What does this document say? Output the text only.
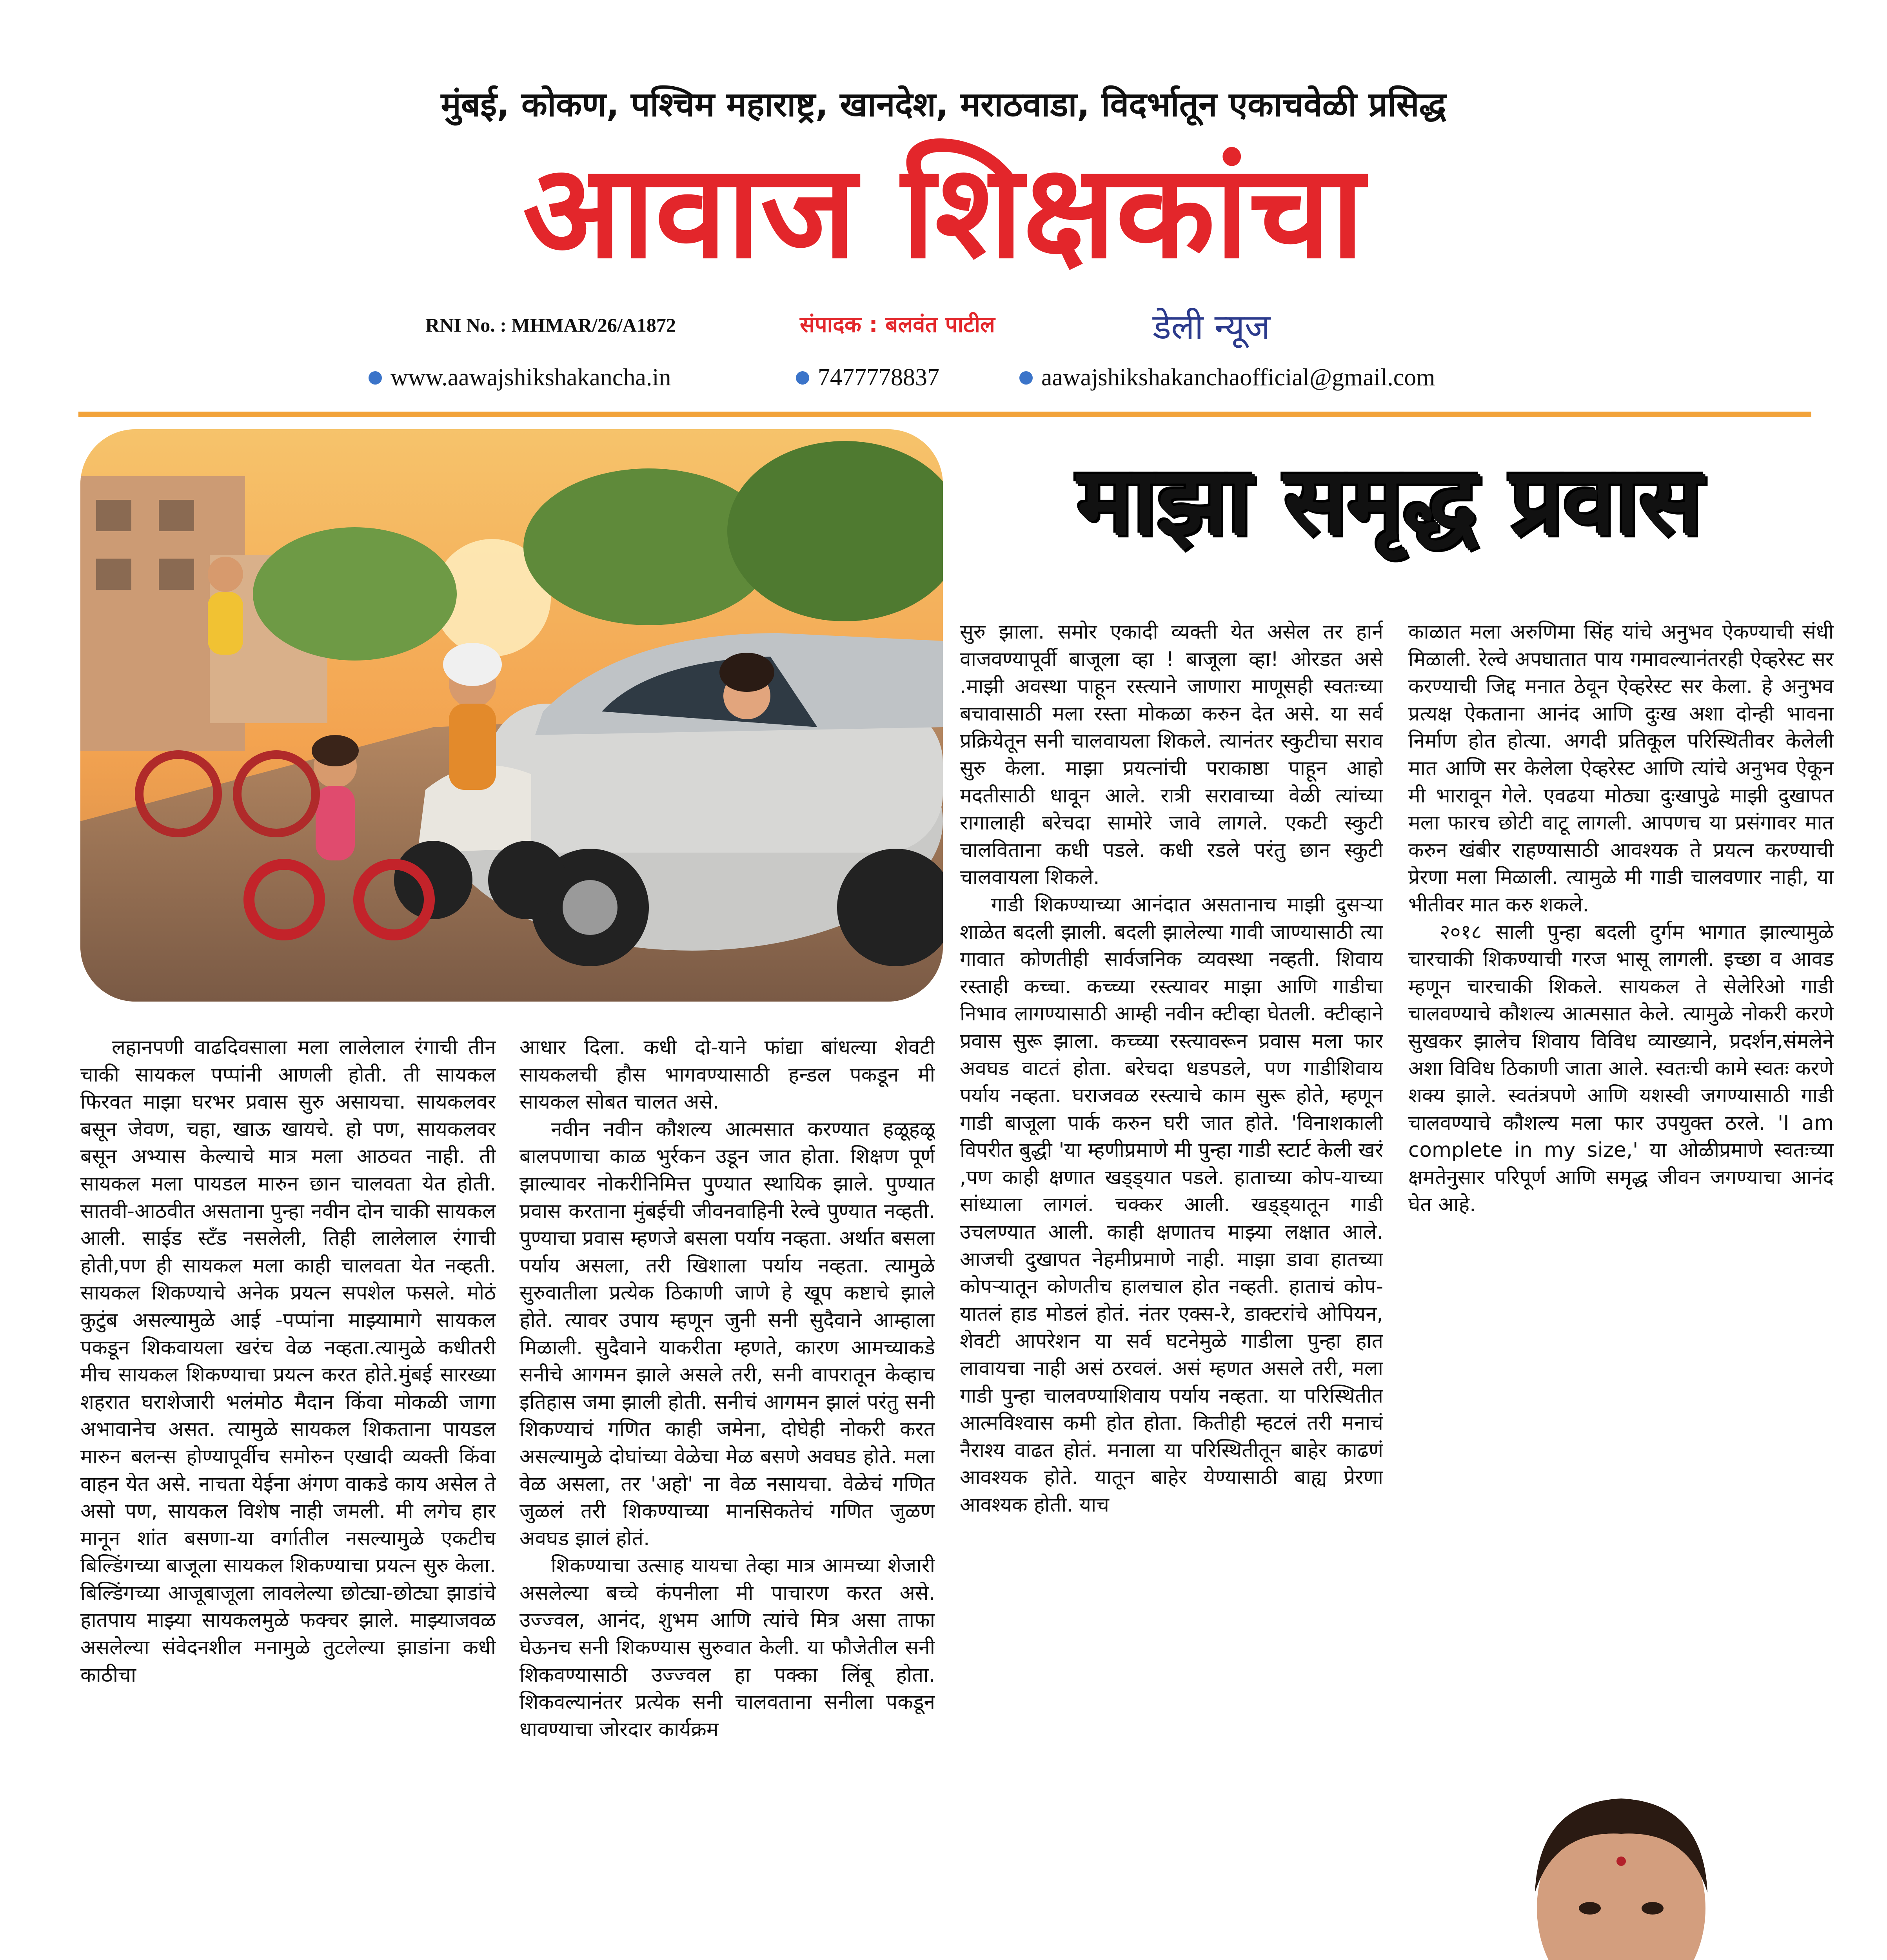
मुंबई, कोकण, पश्चिम महाराष्ट्र, खानदेश, मराठवाडा, विदर्भातून एकाचवेळी प्रसिद्ध
आवाज शिक्षकांचा
RNI No. : MHMAR/26/A1872	संपादक : बलवंत पाटील	डेली न्यूज
www.aawajshikshakancha.in	7477778837	aawajshikshakanchaofficial@gmail.com
माझा समृद्ध प्रवास

लहानपणी वाढदिवसाला मला लालेलाल रंगाची तीन चाकी सायकल पप्पांनी आणली होती. ती सायकल फिरवत माझा घरभर प्रवास सुरु असायचा. सायकलवर बसून जेवण, चहा, खाऊ खायचे. हो पण, सायकलवर बसून अभ्यास केल्याचे मात्र मला आठवत नाही. ती सायकल मला पायडल मारुन छान चालवता येत होती. सातवी-आठवीत असताना पुन्हा नवीन दोन चाकी सायकल आली. साईड स्टँड नसलेली, तिही लालेलाल रंगाची होती,पण ही सायकल मला काही चालवता येत नव्हती. सायकल शिकण्याचे अनेक प्रयत्न सपशेल फसले. मोठं कुटुंब असल्यामुळे आई -पप्पांना माझ्यामागे सायकल पकडून शिकवायला खरंच वेळ नव्हता.त्यामुळे कधीतरी मीच सायकल शिकण्याचा प्रयत्न करत होते.मुंबई सारख्या शहरात घराशेजारी भलंमोठ मैदान किंवा मोकळी जागा अभावानेच असत. त्यामुळे सायकल शिकताना पायडल मारुन बलन्स होण्यापूर्वीच समोरुन एखादी व्यक्ती किंवा वाहन येत असे. नाचता येईना अंगण वाकडे काय असेल ते असो पण, सायकल विशेष नाही जमली. मी लगेच हार मानून शांत बसणा-या वर्गातील नसल्यामुळे एकटीच बिल्डिंगच्या बाजूला सायकल शिकण्याचा प्रयत्न सुरु केला. बिल्डिंगच्या आजूबाजूला लावलेल्या छोट्या-छोट्या झाडांचे हातपाय माझ्या सायकलमुळे फक्चर झाले. माझ्याजवळ असलेल्या संवेदनशील मनामुळे तुटलेल्या झाडांना कधी काठीचा

आधार दिला. कधी दो-याने फांद्या बांधल्या शेवटी सायकलची हौस भागवण्यासाठी हन्डल पकडून मी सायकल सोबत चालत असे.

नवीन नवीन कौशल्य आत्मसात करण्यात हळूहळू बालपणाचा काळ भुर्रकन उडून जात होता. शिक्षण पूर्ण झाल्यावर नोकरीनिमित्त पुण्यात स्थायिक झाले. पुण्यात प्रवास करताना मुंबईची जीवनवाहिनी रेल्वे पुण्यात नव्हती. पुण्याचा प्रवास म्हणजे बसला पर्याय नव्हता. अर्थात बसला पर्याय असला, तरी खिशाला पर्याय नव्हता. त्यामुळे सुरुवातीला प्रत्येक ठिकाणी जाणे हे खूप कष्टाचे झाले होते. त्यावर उपाय म्हणून जुनी सनी सुदैवाने आम्हाला मिळाली. सुदैवाने याकरीता म्हणते, कारण आमच्याकडे सनीचे आगमन झाले असले तरी, सनी वापरातून केव्हाच इतिहास जमा झाली होती. सनीचं आगमन झालं परंतु सनी शिकण्याचं गणित काही जमेना, दोघेही नोकरी करत असल्यामुळे दोघांच्या वेळेचा मेळ बसणे अवघड होते. मला वेळ असला, तर 'अहो' ना वेळ नसायचा. वेळेचं गणित जुळलं तरी शिकण्याच्या मानसिकतेचं गणित जुळण अवघड झालं होतं.

शिकण्याचा उत्साह यायचा तेव्हा मात्र आमच्या शेजारी असलेल्या बच्चे कंपनीला मी पाचारण करत असे. उज्ज्वल, आनंद, शुभम आणि त्यांचे मित्र असा ताफा घेऊनच सनी शिकण्यास सुरुवात केली. या फौजेतील सनी शिकवण्यासाठी उज्ज्वल हा पक्का लिंबू होता. शिकवल्यानंतर प्रत्येक सनी चालवताना सनीला पकडून धावण्याचा जोरदार कार्यक्रम

सुरु झाला. समोर एकादी व्यक्ती येत असेल तर हार्न वाजवण्यापूर्वी बाजूला व्हा ! बाजूला व्हा! ओरडत असे .माझी अवस्था पाहून रस्त्याने जाणारा माणूसही स्वतःच्या बचावासाठी मला रस्ता मोकळा करुन देत असे. या सर्व प्रक्रियेतून सनी चालवायला शिकले. त्यानंतर स्कुटीचा सराव सुरु केला. माझा प्रयत्नांची पराकाष्ठा पाहून आहो मदतीसाठी धावून आले. रात्री सरावाच्या वेळी त्यांच्या रागालाही बरेचदा सामोरे जावे लागले. एकटी स्कुटी चालविताना कधी पडले. कधी रडले परंतु छान स्कुटी चालवायला शिकले.

गाडी शिकण्याच्या आनंदात असतानाच माझी दुसऱ्या शाळेत बदली झाली. बदली झालेल्या गावी जाण्यासाठी त्या गावात कोणतीही सार्वजनिक व्यवस्था नव्हती. शिवाय रस्ताही कच्चा. कच्च्या रस्त्यावर माझा आणि गाडीचा निभाव लागण्यासाठी आम्ही नवीन क्टीव्हा घेतली. क्टीव्हाने प्रवास सुरू झाला. कच्च्या रस्त्यावरून प्रवास मला फार अवघड वाटतं होता. बरेचदा धडपडले, पण गाडीशिवाय पर्याय नव्हता. घराजवळ रस्त्याचे काम सुरू होते, म्हणून गाडी बाजूला पार्क करुन घरी जात होते. 'विनाशकाली विपरीत बुद्धी 'या म्हणीप्रमाणे मी पुन्हा गाडी स्टार्ट केली खरं ,पण काही क्षणात खड्ड्यात पडले. हाताच्या कोप-याच्या सांध्याला लागलं. चक्कर आली. खड्ड्यातून गाडी उचलण्यात आली. काही क्षणातच माझ्या लक्षात आले. आजची दुखापत नेहमीप्रमाणे नाही. माझा डावा हातच्या कोपऱ्यातून कोणतीच हालचाल होत नव्हती. हाताचं कोप-यातलं हाड मोडलं होतं. नंतर एक्स-रे, डाक्टरांचे ओपियन, शेवटी आपरेशन या सर्व घटनेमुळे गाडीला पुन्हा हात लावायचा नाही असं ठरवलं. असं म्हणत असले तरी, मला गाडी पुन्हा चालवण्याशिवाय पर्याय नव्हता. या परिस्थितीत आत्मविश्वास कमी होत होता. कितीही म्हटलं तरी मनाचं नैराश्य वाढत होतं. मनाला या परिस्थितीतून बाहेर काढणं आवश्यक होते. यातून बाहेर येण्यासाठी बाह्य प्रेरणा आवश्यक होती. याच

काळात मला अरुणिमा सिंह यांचे अनुभव ऐकण्याची संधी मिळाली. रेल्वे अपघातात पाय गमावल्यानंतरही ऐव्हरेस्ट सर करण्याची जिद्द मनात ठेवून ऐव्हरेस्ट सर केला. हे अनुभव प्रत्यक्ष ऐकताना आनंद आणि दुःख अशा दोन्ही भावना निर्माण होत होत्या. अगदी प्रतिकूल परिस्थितीवर केलेली मात आणि सर केलेला ऐव्हरेस्ट आणि त्यांचे अनुभव ऐकून मी भारावून गेले. एवढया मोठ्या दुःखापुढे माझी दुखापत मला फारच छोटी वाटू लागली. आपणच या प्रसंगावर मात करुन खंबीर राहण्यासाठी आवश्यक ते प्रयत्न करण्याची प्रेरणा मला मिळाली. त्यामुळे मी गाडी चालवणार नाही, या भीतीवर मात करु शकले.

२०१८ साली पुन्हा बदली दुर्गम भागात झाल्यामुळे चारचाकी शिकण्याची गरज भासू लागली. इच्छा व आवड म्हणून चारचाकी शिकले. सायकल ते सेलेरिओ गाडी चालवण्याचे कौशल्य आत्मसात केले. त्यामुळे नोकरी करणे सुखकर झालेच शिवाय विविध व्याख्याने, प्रदर्शन,संमलेने अशा विविध ठिकाणी जाता आले. स्वतःची कामे स्वतः करणे शक्य झाले. स्वतंत्रपणे आणि यशस्वी जगण्यासाठी गाडी चालवण्याचे कौशल्य मला फार उपयुक्त ठरले. 'I am complete in my size,' या ओळीप्रमाणे स्वतःच्या क्षमतेनुसार परिपूर्ण आणि समृद्ध जीवन जगण्याचा आनंद घेत आहे.
